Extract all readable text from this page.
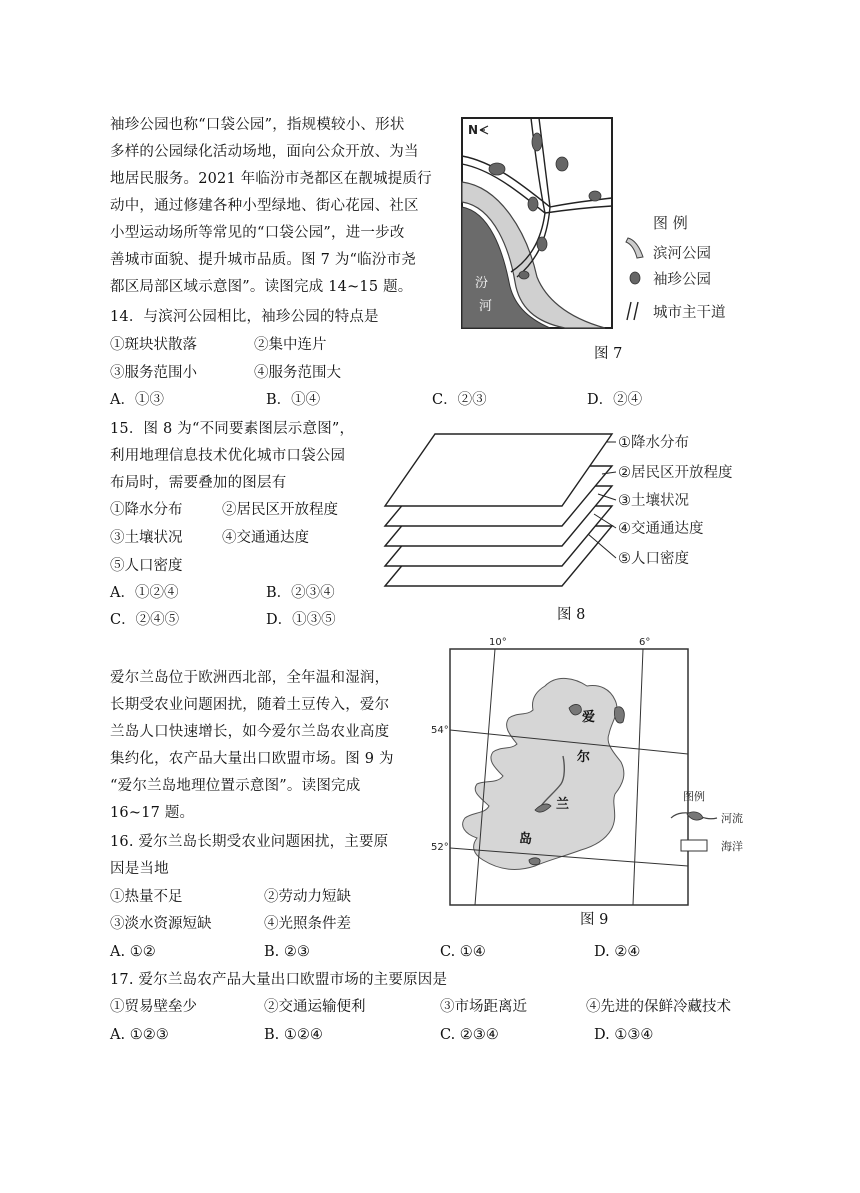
袖珍公园也称“口袋公园”，指规模较小、形状
多样的公园绿化活动场地，面向公众开放、为当
地居民服务。2021 年临汾市尧都区在靓城提质行
动中，通过修建各种小型绿地、街心花园、社区
小型运动场所等常见的“口袋公园”，进一步改
善城市面貌、提升城市品质。图 7 为“临汾市尧
都区局部区域示意图”。读图完成 14~15 题。
N
汾
河
图 例
滨河公园
袖珍公园
城市主干道
图 7
14．与滨河公园相比，袖珍公园的特点是
①斑块状散落	②集中连片
③服务范围小	④服务范围大
A．①③	B．①④	C．②③	D．②④
15．图 8 为“不同要素图层示意图”，
利用地理信息技术优化城市口袋公园
布局时，需要叠加的图层有
①降水分布	②居民区开放程度
③土壤状况	④交通通达度
⑤人口密度
A．①②④	B．②③④
C．②④⑤	D．①③⑤
①降水分布
②居民区开放程度
③土壤状况
④交通通达度
⑤人口密度
图 8
爱尔兰岛位于欧洲西北部，全年温和湿润，
长期受农业问题困扰，随着土豆传入，爱尔
兰岛人口快速增长，如今爱尔兰岛农业高度
集约化，农产品大量出口欧盟市场。图 9 为
“爱尔兰岛地理位置示意图”。读图完成
16~17 题。
10°	6°
54°
52°
爱
尔
兰
岛
图例
河流
海洋
图 9
16. 爱尔兰岛长期受农业问题困扰，主要原
因是当地
①热量不足	②劳动力短缺
③淡水资源短缺	④光照条件差
A. ①②	B. ②③	C. ①④	D. ②④
17. 爱尔兰岛农产品大量出口欧盟市场的主要原因是
①贸易壁垒少	②交通运输便利	③市场距离近	④先进的保鲜冷藏技术
A. ①②③	B. ①②④	C. ②③④	D. ①③④
